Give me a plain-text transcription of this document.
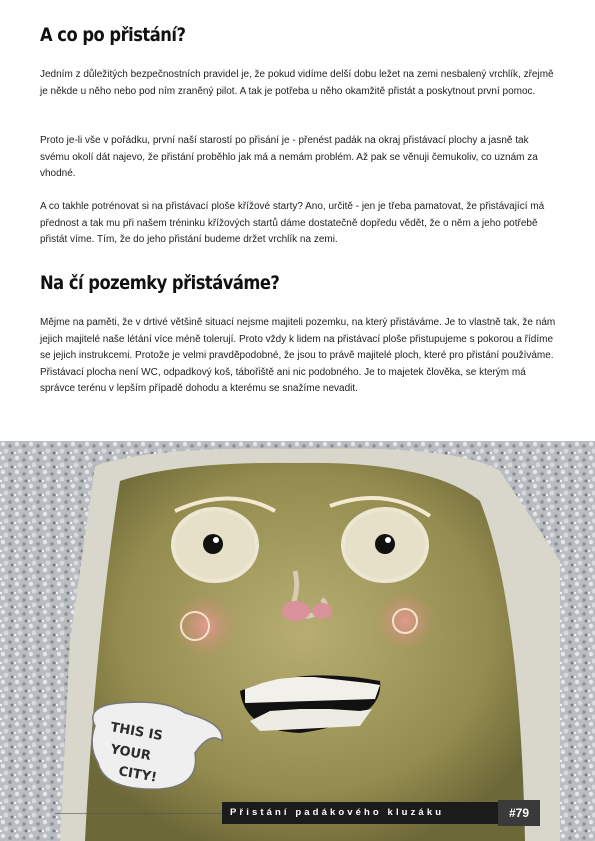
A co po přistání?

Jedním z důležitých bezpečnostních pravidel je, že pokud vidíme delší dobu ležet na zemi nesbalený vrchlík, zřejmě je někde u něho nebo pod ním zraněný pilot. A tak je potřeba u něho okamžitě přistát a poskytnout první pomoc.

Proto je-li vše v pořádku, první naší starostí po přisání je - přenést padák na okraj přistávací plochy a jasně tak svému okolí dát najevo, že přistání proběhlo jak má a nemám problém. Až pak se věnuji čemukoliv, co uznám za vhodné.

A co takhle potrénovat si na přistávací ploše křížové starty? Ano, určitě - jen je třeba pamatovat, že přistávající má přednost a tak mu při našem tréninku křížových startů dáme dostatečně dopředu vědět, že o něm a jeho potřebě přistát víme. Tím, že do jeho přistání budeme držet vrchlík na zemi.

Na čí pozemky přistáváme?

Mějme na paměti, že v drtivé většině situací nejsme majiteli pozemku, na který přistáváme. Je to vlastně tak, že nám jejich majitelé naše létání více méně tolerují. Proto vždy k lidem na přistávací ploše přistupujeme s pokorou a řídíme se jejich instrukcemi. Protože je velmi pravděpodobné, že jsou to právě majitelé ploch, které pro přistání používáme. Přistávací plocha není WC, odpadkový koš, tábořiště ani nic podobného. Je to majetek člověka, se kterým má správce terénu v lepším případě dohodu a kterému se snažíme nevadit.

THIS IS
YOUR
CITY!
Přistání padákového kluzáku	#79
